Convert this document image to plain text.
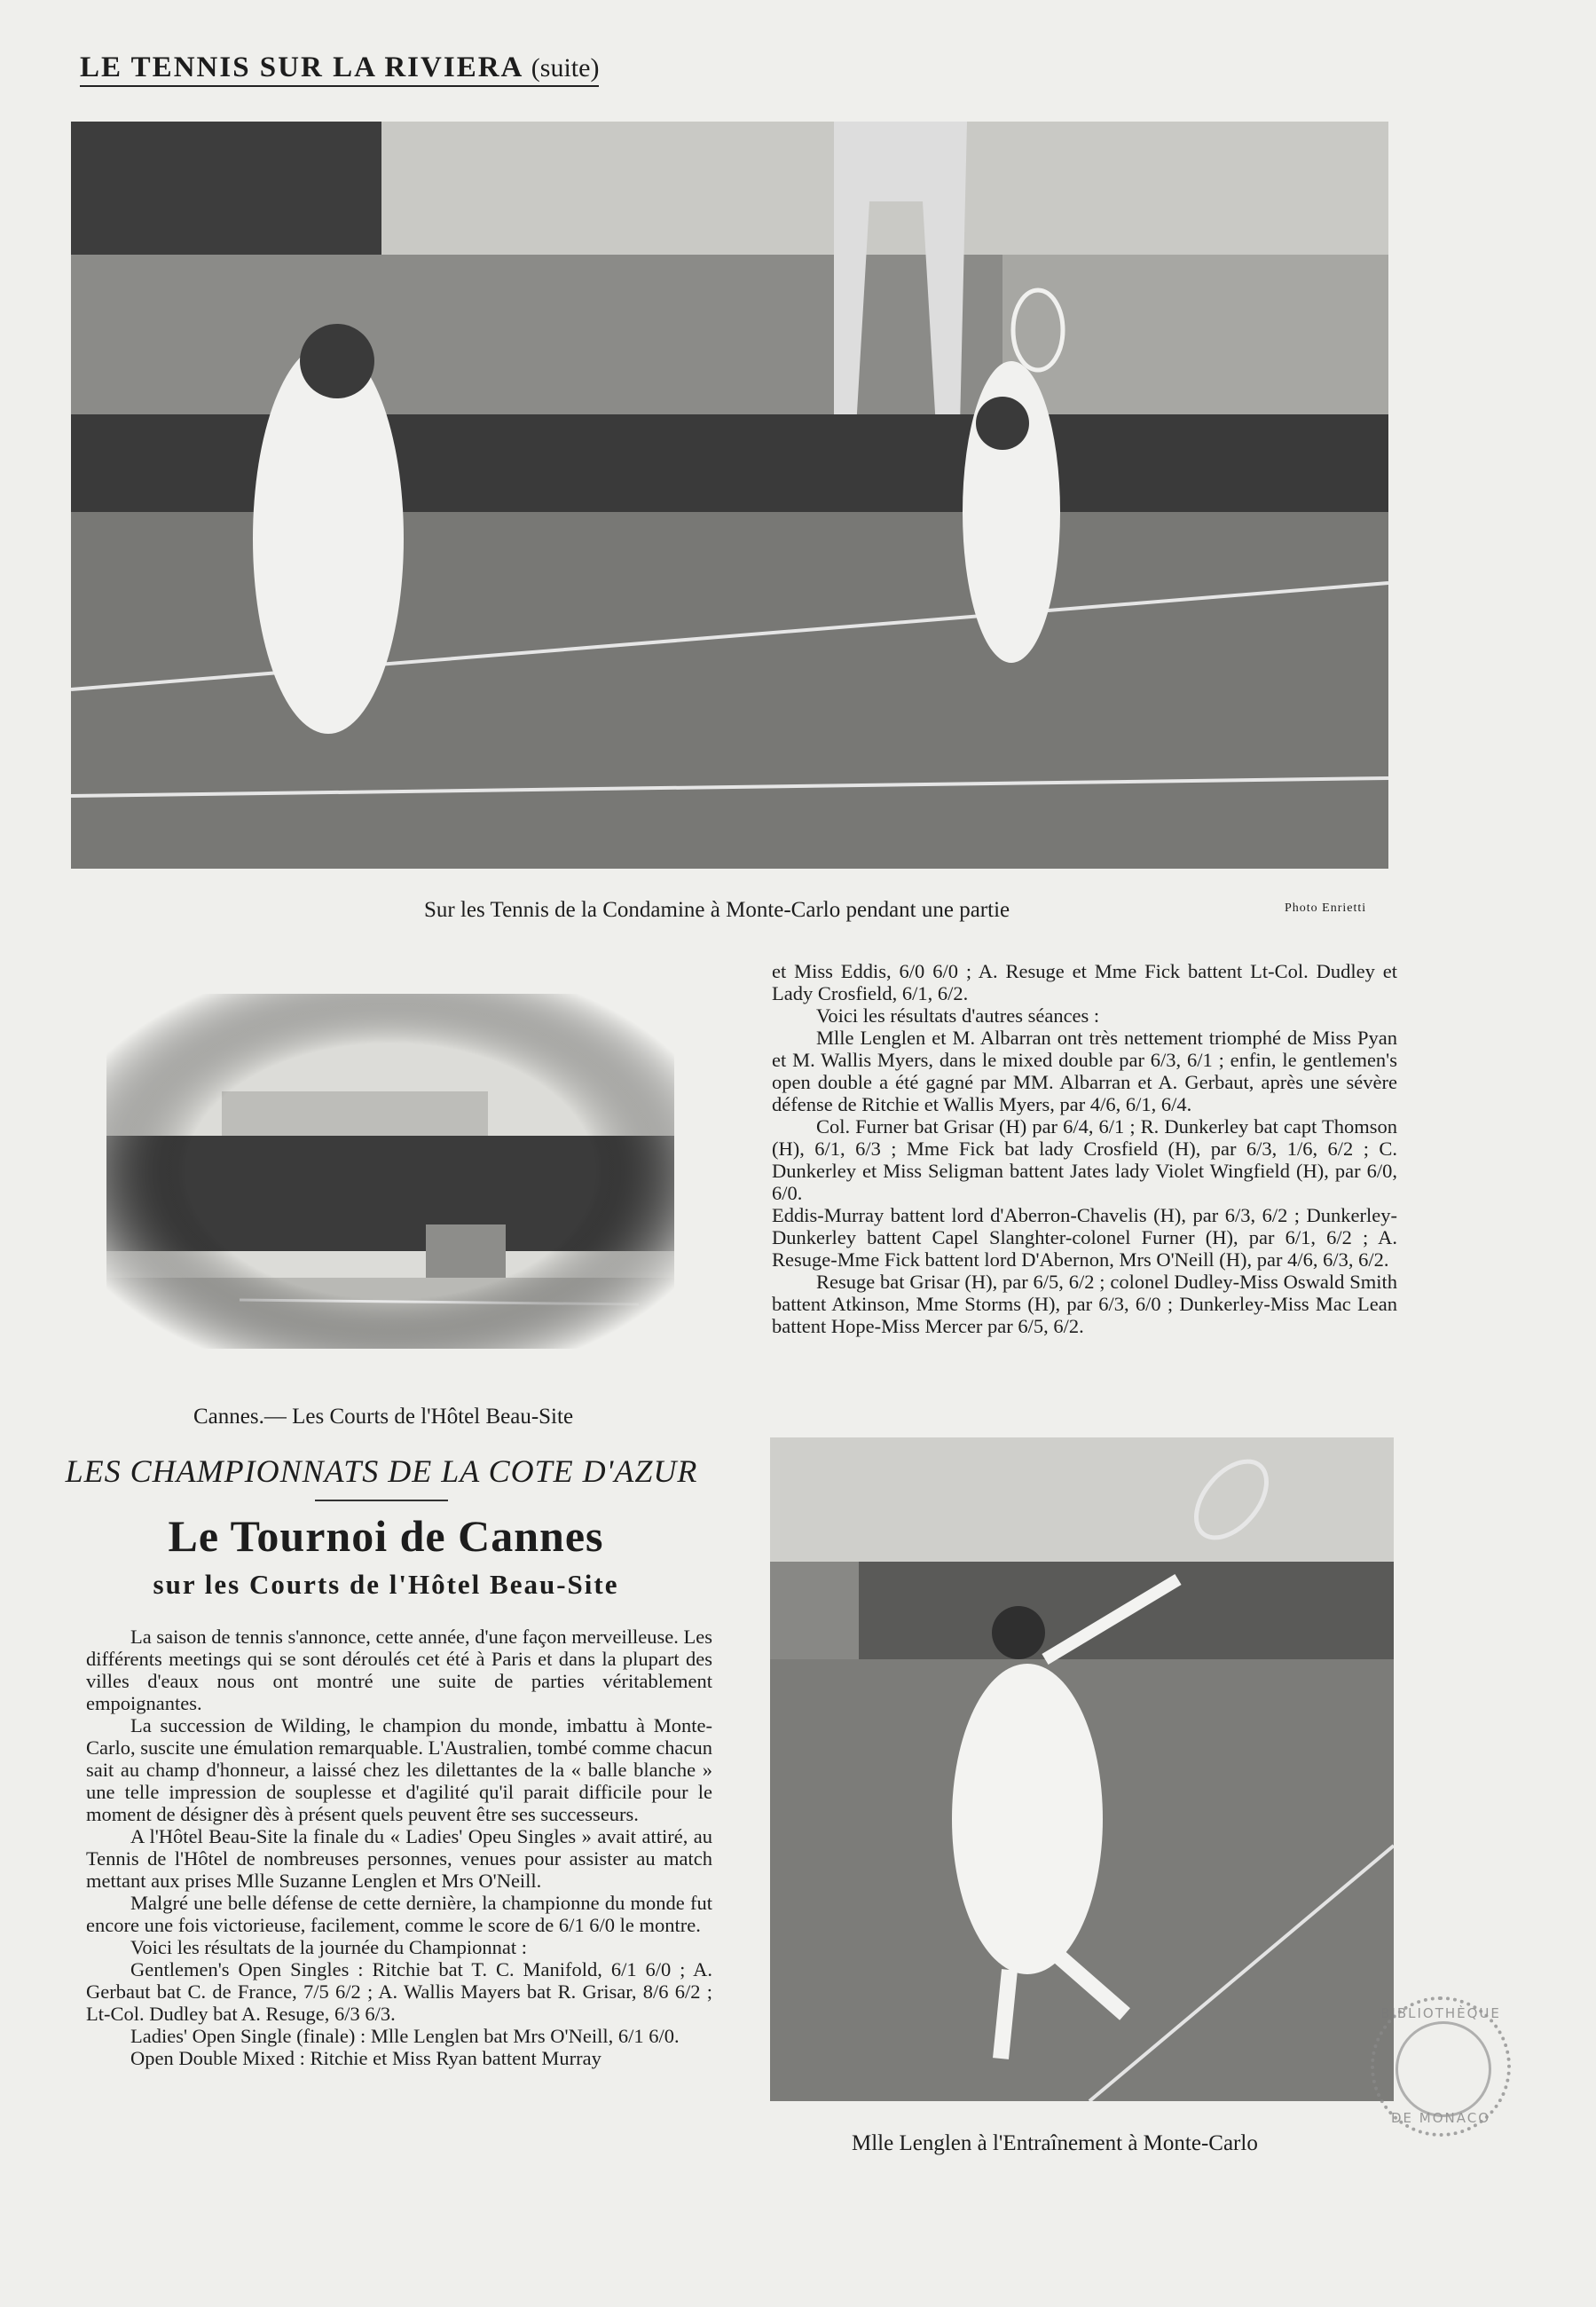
LE TENNIS SUR LA RIVIERA (suite)
Sur les Tennis de la Condamine à Monte-Carlo pendant une partie	Photo Enrietti
Cannes.— Les Courts de l'Hôtel Beau-Site
LES CHAMPIONNATS DE LA COTE D'AZUR
Le Tournoi de Cannes
sur les Courts de l'Hôtel Beau-Site

La saison de tennis s'annonce, cette année, d'une façon merveilleuse. Les différents meetings qui se sont déroulés cet été à Paris et dans la plupart des villes d'eaux nous ont montré une suite de parties véritablement empoignantes.

La succession de Wilding, le champion du monde, imbattu à Monte-Carlo, suscite une émulation remarquable. L'Australien, tombé comme chacun sait au champ d'honneur, a laissé chez les dilettantes de la « balle blanche » une telle impression de souplesse et d'agilité qu'il parait difficile pour le moment de désigner dès à présent quels peuvent être ses successeurs.

A l'Hôtel Beau-Site la finale du « Ladies' Opeu Singles » avait attiré, au Tennis de l'Hôtel de nombreuses personnes, venues pour assister au match mettant aux prises Mlle Suzanne Lenglen et Mrs O'Neill.

Malgré une belle défense de cette dernière, la championne du monde fut encore une fois victorieuse, facilement, comme le score de 6/1 6/0 le montre.

Voici les résultats de la journée du Championnat :

Gentlemen's Open Singles : Ritchie bat T. C. Manifold, 6/1 6/0 ; A. Gerbaut bat C. de France, 7/5 6/2 ; A. Wallis Mayers bat R. Grisar, 8/6 6/2 ; Lt-Col. Dudley bat A. Resuge, 6/3 6/3.

Ladies' Open Single (finale) : Mlle Lenglen bat Mrs O'Neill, 6/1 6/0.

Open Double Mixed : Ritchie et Miss Ryan battent Murray

et Miss Eddis, 6/0 6/0 ; A. Resuge et Mme Fick battent Lt-Col. Dudley et Lady Crosfield, 6/1, 6/2.

Voici les résultats d'autres séances :

Mlle Lenglen et M. Albarran ont très nettement triomphé de Miss Pyan et M. Wallis Myers, dans le mixed double par 6/3, 6/1 ; enfin, le gentlemen's open double a été gagné par MM. Albarran et A. Gerbaut, après une sévère défense de Ritchie et Wallis Myers, par 4/6, 6/1, 6/4.

Col. Furner bat Grisar (H) par 6/4, 6/1 ; R. Dunkerley bat capt Thomson (H), 6/1, 6/3 ; Mme Fick bat lady Crosfield (H), par 6/3, 1/6, 6/2 ; C. Dunkerley et Miss Seligman battent Jates lady Violet Wingfield (H), par 6/0, 6/0.

Eddis-Murray battent lord d'Aberron-Chavelis (H), par 6/3, 6/2 ; Dunkerley-Dunkerley battent Capel Slanghter-colonel Furner (H), par 6/1, 6/2 ; A. Resuge-Mme Fick battent lord D'Abernon, Mrs O'Neill (H), par 4/6, 6/3, 6/2.

Resuge bat Grisar (H), par 6/5, 6/2 ; colonel Dudley-Miss Oswald Smith battent Atkinson, Mme Storms (H), par 6/3, 6/0 ; Dunkerley-Miss Mac Lean battent Hope-Miss Mercer par 6/5, 6/2.

Mlle Lenglen à l'Entraînement à Monte-Carlo
BIBLIOTHÈQUE
DE MONACO
